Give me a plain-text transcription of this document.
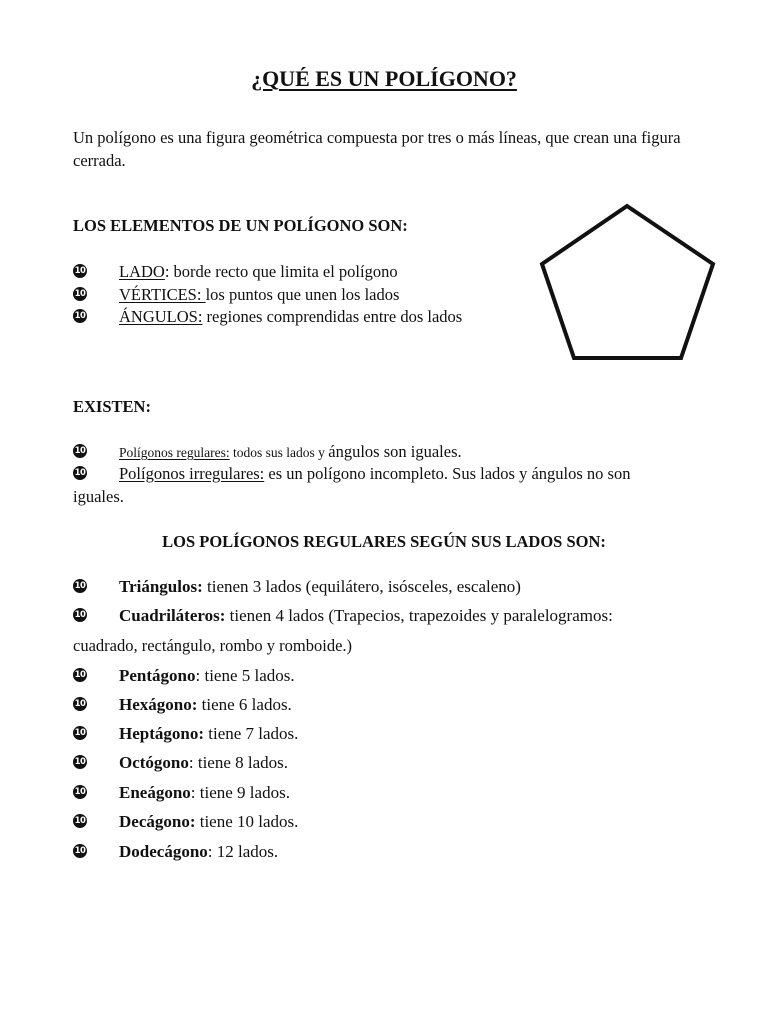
¿QUÉ ES UN POLÍGONO?
Un polígono es una figura geométrica compuesta por tres o más líneas, que crean una figura cerrada.
LOS ELEMENTOS DE UN POLÍGONO SON:
10 LADO: borde recto que limita el polígono
10 VÉRTICES: los puntos que unen los lados
10 ÁNGULOS: regiones comprendidas entre dos lados
EXISTEN:
10 Polígonos regulares: todos sus lados y ángulos son iguales.
10 Polígonos irregulares: es un polígono incompleto. Sus lados y ángulos no son
iguales.
LOS POLÍGONOS REGULARES SEGÚN SUS LADOS SON:
10 Triángulos: tienen 3 lados (equilátero, isósceles, escaleno)
10 Cuadriláteros: tienen 4 lados (Trapecios, trapezoides y paralelogramos:
cuadrado, rectángulo, rombo y romboide.)
10 Pentágono: tiene 5 lados.
10 Hexágono: tiene 6 lados.
10 Heptágono: tiene 7 lados.
10 Octógono: tiene 8 lados.
10 Eneágono: tiene 9 lados.
10 Decágono: tiene 10 lados.
10 Dodecágono: 12 lados.
